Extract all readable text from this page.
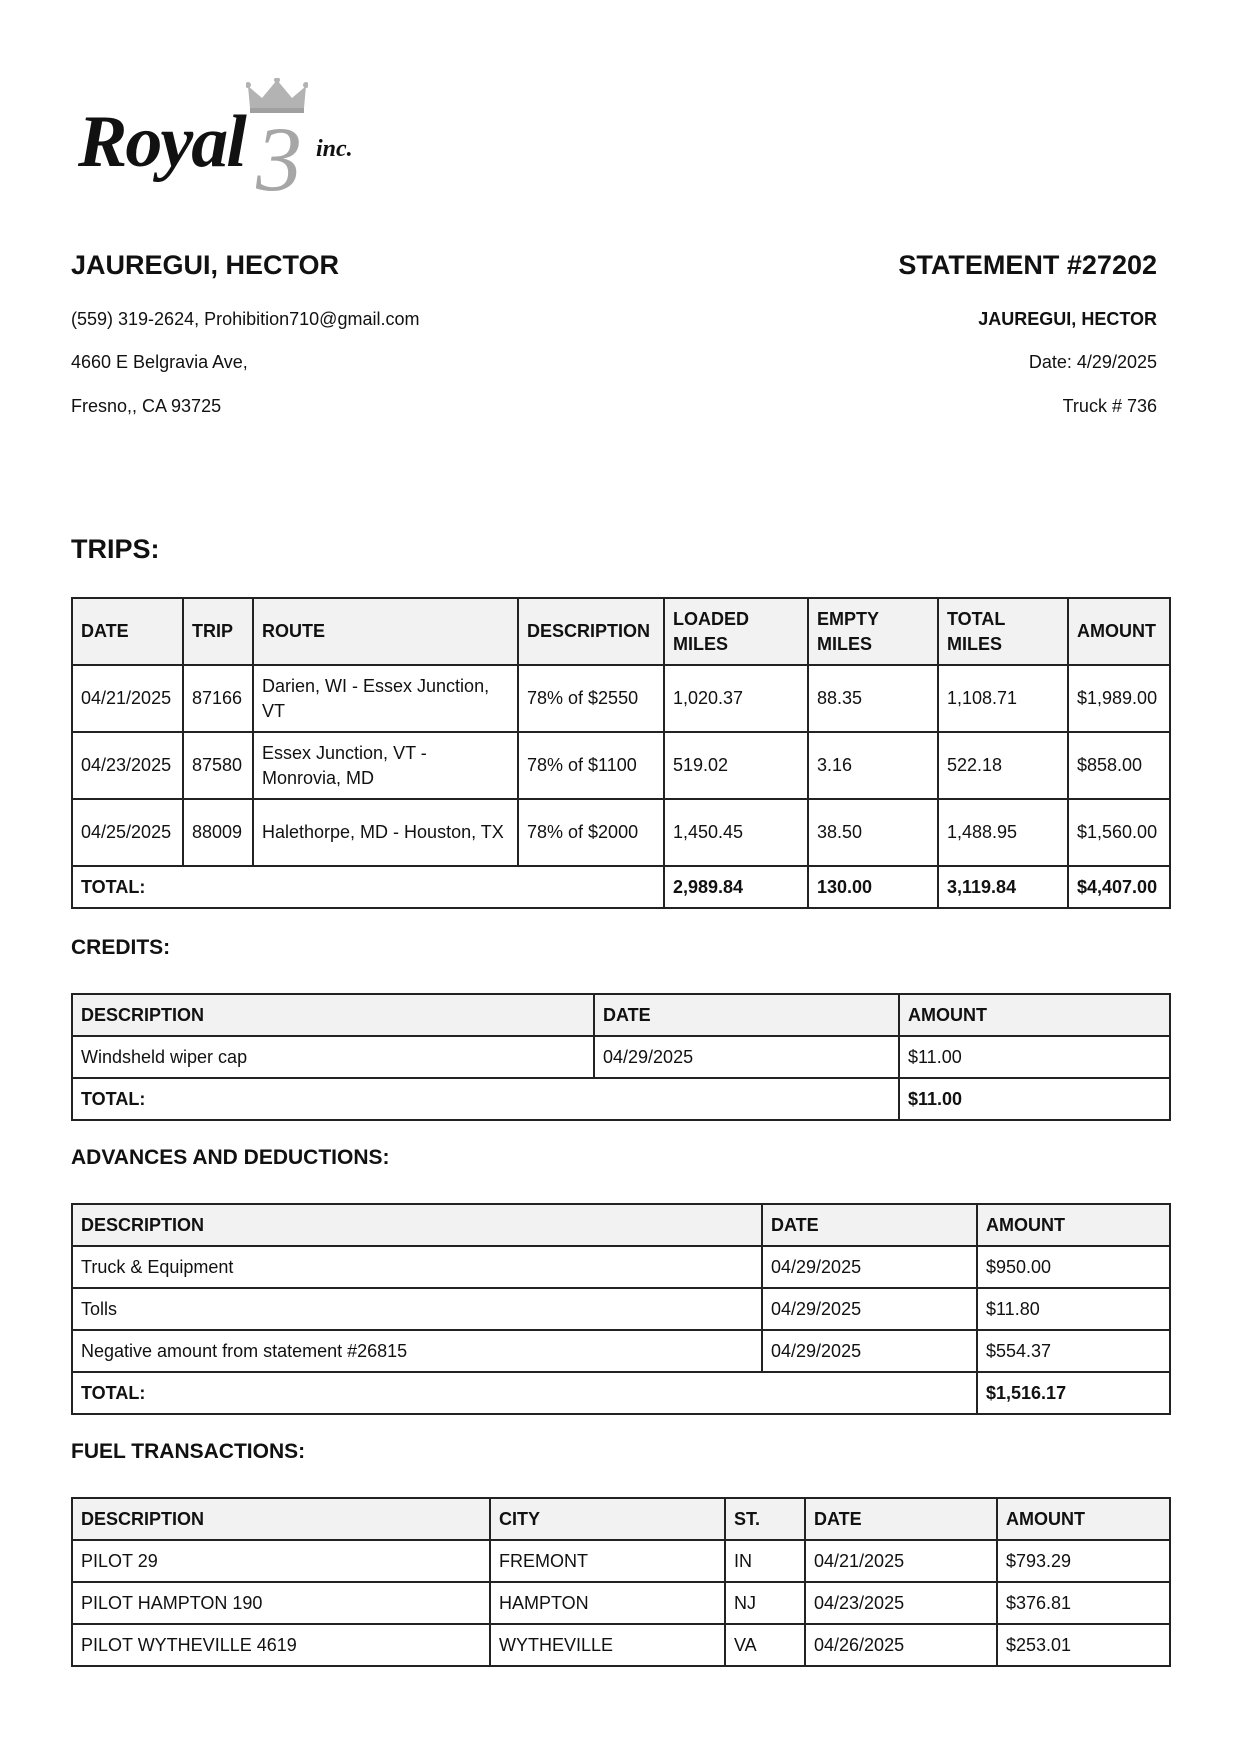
3
Royal	inc.
JAUREGUI, HECTOR	STATEMENT #27202
(559) 319-2624, Prohibition710@gmail.com
4660 E Belgravia Ave,
Fresno,, CA 93725
JAUREGUI, HECTOR
Date: 4/29/2025
Truck # 736
TRIPS:
DATE	TRIP	ROUTE	DESCRIPTION	LOADED MILES	EMPTY MILES	TOTAL MILES	AMOUNT
04/21/2025	87166	Darien, WI - Essex Junction, VT	78% of $2550	1,020.37	88.35	1,108.71	$1,989.00
04/23/2025	87580	Essex Junction, VT - Monrovia, MD	78% of $1100	519.02	3.16	522.18	$858.00
04/25/2025	88009	Halethorpe, MD - Houston, TX	78% of $2000	1,450.45	38.50	1,488.95	$1,560.00
TOTAL:				2,989.84	130.00	3,119.84	$4,407.00
CREDITS:
DESCRIPTION	DATE	AMOUNT
Windsheld wiper cap	04/29/2025	$11.00
TOTAL:		$11.00
ADVANCES AND DEDUCTIONS:
DESCRIPTION	DATE	AMOUNT
Truck & Equipment	04/29/2025	$950.00
Tolls	04/29/2025	$11.80
Negative amount from statement #26815	04/29/2025	$554.37
TOTAL:		$1,516.17
FUEL TRANSACTIONS:
DESCRIPTION	CITY	ST.	DATE	AMOUNT
PILOT 29	FREMONT	IN	04/21/2025	$793.29
PILOT HAMPTON 190	HAMPTON	NJ	04/23/2025	$376.81
PILOT WYTHEVILLE 4619	WYTHEVILLE	VA	04/26/2025	$253.01
